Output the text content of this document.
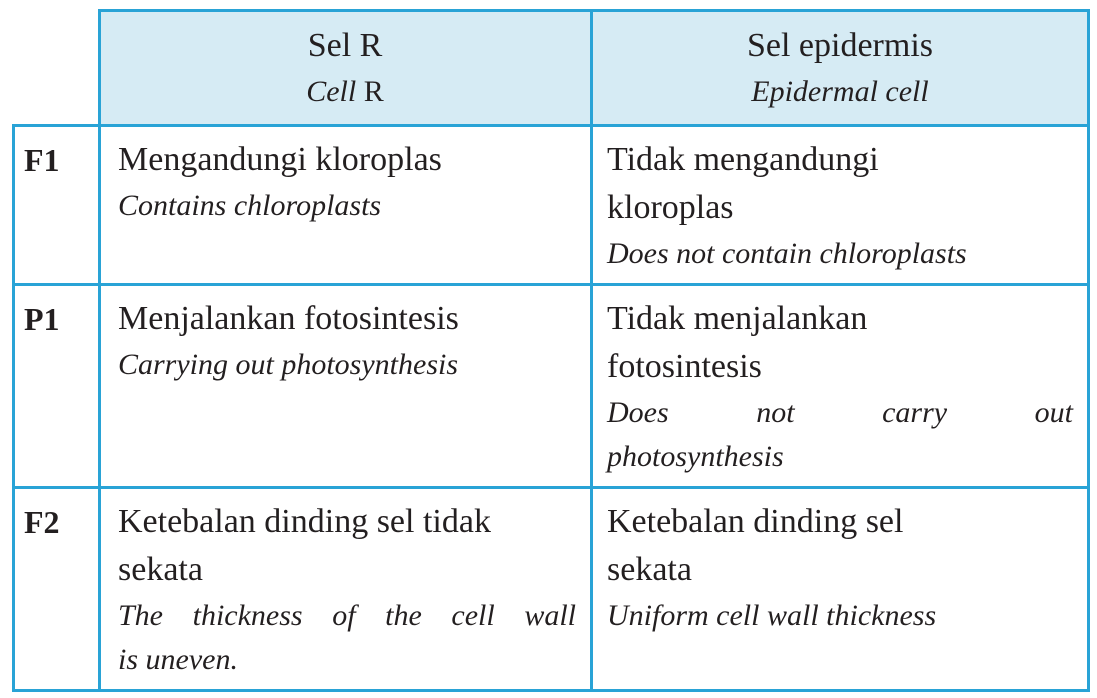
Sel R
Cell R
Sel epidermis
Epidermal cell
F1 Mengandungi kloroplas
Contains chloroplasts
Tidak mengandungi
kloroplas
Does not contain chloroplasts
P1 Menjalankan fotosintesis
Carrying out photosynthesis
Tidak menjalankan
fotosintesis
Does not carry out
photosynthesis
F2 Ketebalan dinding sel tidak
sekata
The thickness of the cell wall
is uneven.
Ketebalan dinding sel
sekata
Uniform cell wall thickness
